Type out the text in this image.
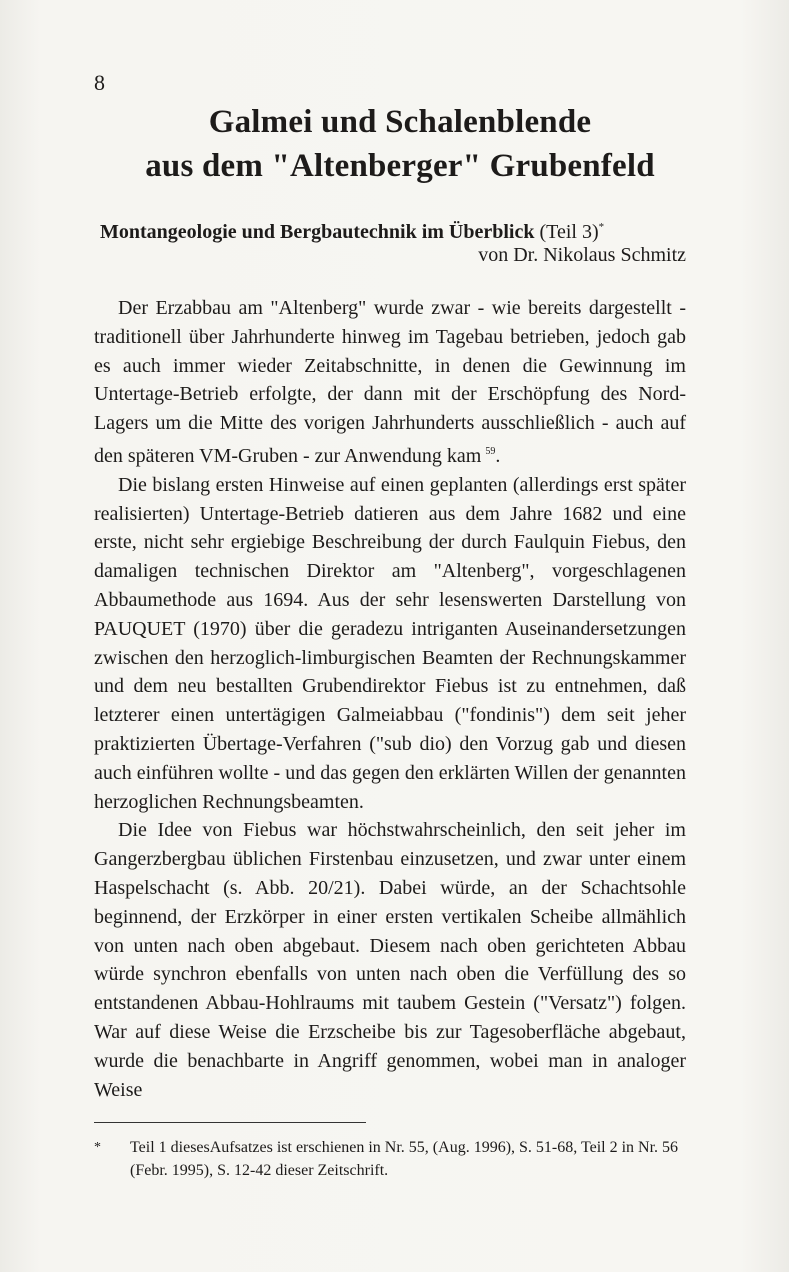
8
Galmei und Schalenblende
aus dem "Altenberger" Grubenfeld
Montangeologie und Bergbautechnik im Überblick (Teil 3)*
von Dr. Nikolaus Schmitz

Der Erzabbau am "Altenberg" wurde zwar - wie bereits dargestellt - traditionell über Jahrhunderte hinweg im Tagebau betrieben, jedoch gab es auch immer wieder Zeitabschnitte, in denen die Gewinnung im Untertage-Betrieb erfolgte, der dann mit der Erschöpfung des Nord-Lagers um die Mitte des vorigen Jahrhunderts ausschließlich - auch auf den späteren VM-Gruben - zur Anwendung kam  $^{59}$.

Die bislang ersten Hinweise auf einen geplanten (allerdings erst später realisierten) Untertage-Betrieb datieren aus dem Jahre 1682 und eine erste, nicht sehr ergiebige Beschreibung der durch Faulquin Fiebus, den damaligen technischen Direktor am "Altenberg", vorgeschlagenen Abbaumethode aus 1694. Aus der sehr lesenswerten Darstellung von PAUQUET (1970) über die geradezu intriganten Auseinandersetzungen zwischen den herzoglich-limburgischen Beamten der Rechnungskammer und dem neu bestallten Grubendirektor Fiebus ist zu entnehmen, daß letzterer einen untertägigen Galmeiabbau ("fondinis") dem seit jeher praktizierten Übertage-Verfahren ("sub dio) den Vorzug gab und diesen auch einführen wollte - und das gegen den erklärten Willen der genannten herzoglichen Rechnungsbeamten.

Die Idee von Fiebus war höchstwahrscheinlich, den seit jeher im Gangerzbergbau üblichen Firstenbau einzusetzen, und zwar unter einem Haspelschacht (s. Abb. 20/21). Dabei würde, an der Schachtsohle beginnend, der Erzkörper in einer ersten vertikalen Scheibe allmählich von unten nach oben abgebaut. Diesem nach oben gerichteten Abbau würde synchron ebenfalls von unten nach oben die Verfüllung des so entstandenen Abbau-Hohlraums mit taubem Gestein ("Versatz") folgen. War auf diese Weise die Erzscheibe bis zur Tagesoberfläche abgebaut, wurde die benachbarte in Angriff genommen, wobei man in analoger Weise

*	Teil 1 diesesAufsatzes ist erschienen in Nr. 55, (Aug. 1996), S. 51-68, Teil 2 in Nr. 56 (Febr. 1995), S. 12-42 dieser Zeitschrift.
